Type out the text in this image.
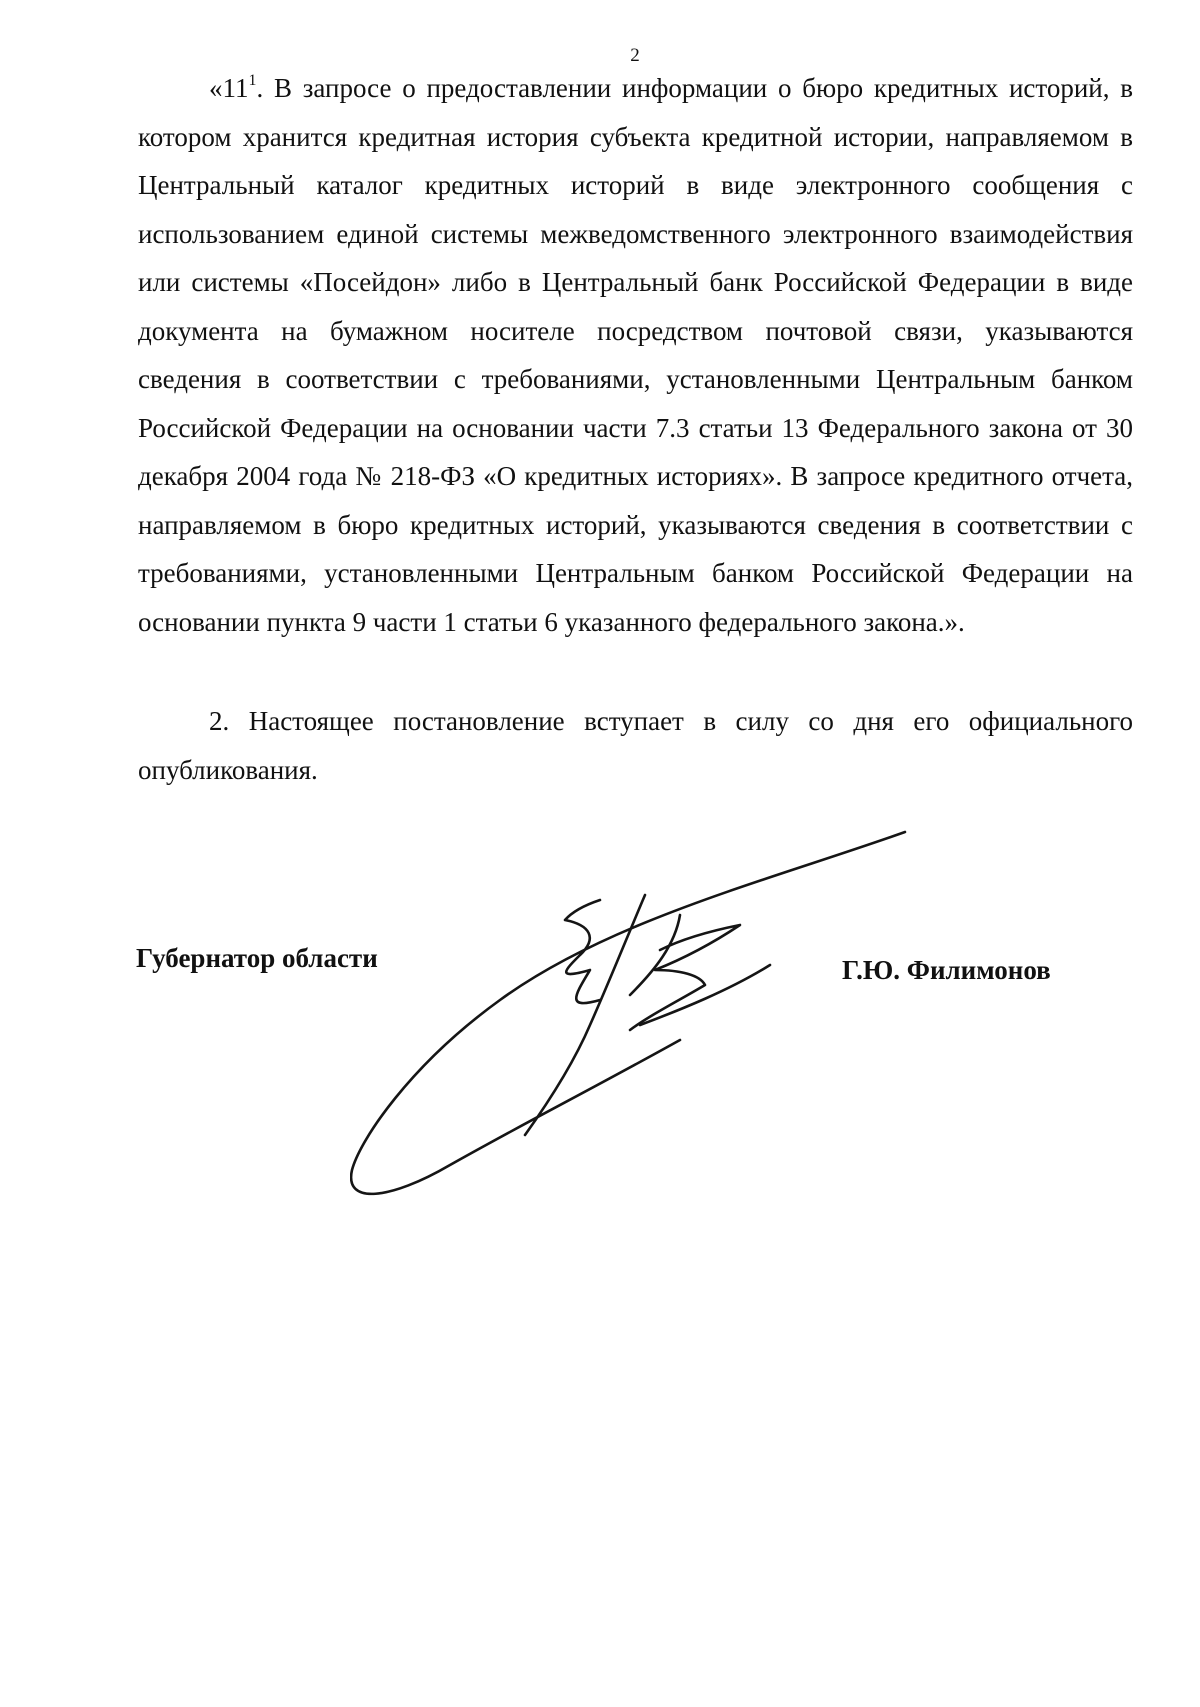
2

«$11^1$. В запросе о предоставлении информации о бюро кредитных историй, в котором хранится кредитная история субъекта кредитной истории, направляемом в Центральный каталог кредитных историй в виде электронного сообщения с использованием единой системы межведомственного электронного взаимодействия или системы «Посейдон» либо в Центральный банк Российской Федерации в виде документа на бумажном носителе посредством почтовой связи, указываются сведения в соответствии с требованиями, установленными Центральным банком Российской Федерации на основании части 7.3 статьи 13 Федерального закона от 30 декабря 2004 года № 218-ФЗ «О кредитных историях». В запросе кредитного отчета, направляемом в бюро кредитных историй, указываются сведения в соответствии с требованиями, установленными Центральным банком Российской Федерации на основании пункта 9 части 1 статьи 6 указанного федерального закона.».

2. Настоящее постановление вступает в силу со дня его официального опубликования.

Губернатор области	Г.Ю. Филимонов
